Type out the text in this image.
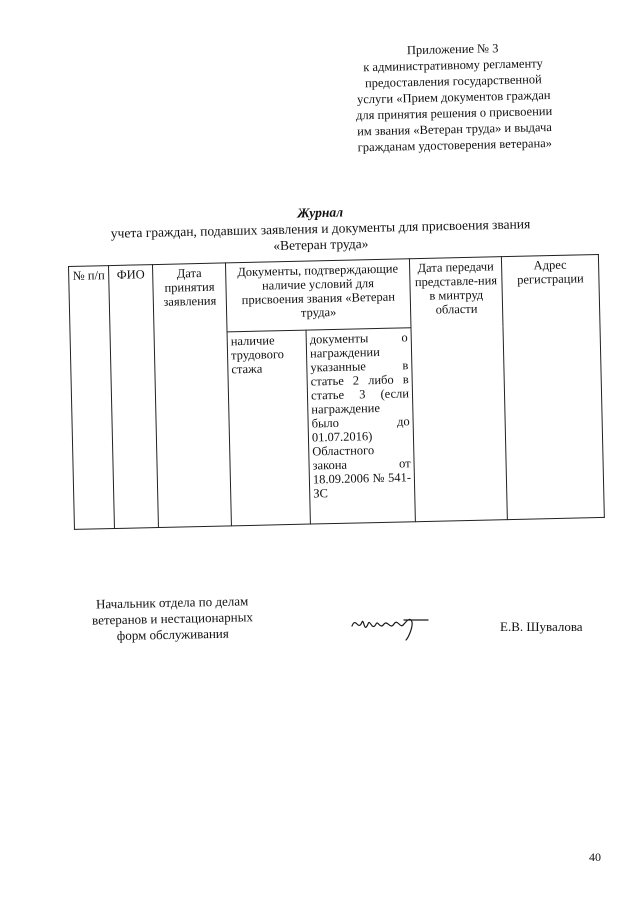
Приложение № 3
к административному регламенту
предоставления государственной
услуги «Прием документов граждан
для принятия решения о присвоении
им звания «Ветеран труда» и выдача
гражданам удостоверения ветерана»
Журнал
учета граждан, подавших заявления и документы для присвоения звания
«Ветеран труда»
№ п/п	ФИО	Дата принятия заявления	Документы, подтверждающие наличие условий для присвоения звания «Ветеран труда»		Дата передачи представле-ния в минтруд области	Адрес регистрации
			наличие трудового стажа	документы о награждении указанные в статье 2 либо в статье 3 (если награждение было до 01.07.2016) Областного закона от 18.09.2006 № 541-ЗС		
Начальник отдела по делам
ветеранов и нестационарных
форм обслуживания	Е.В. Шувалова
40
